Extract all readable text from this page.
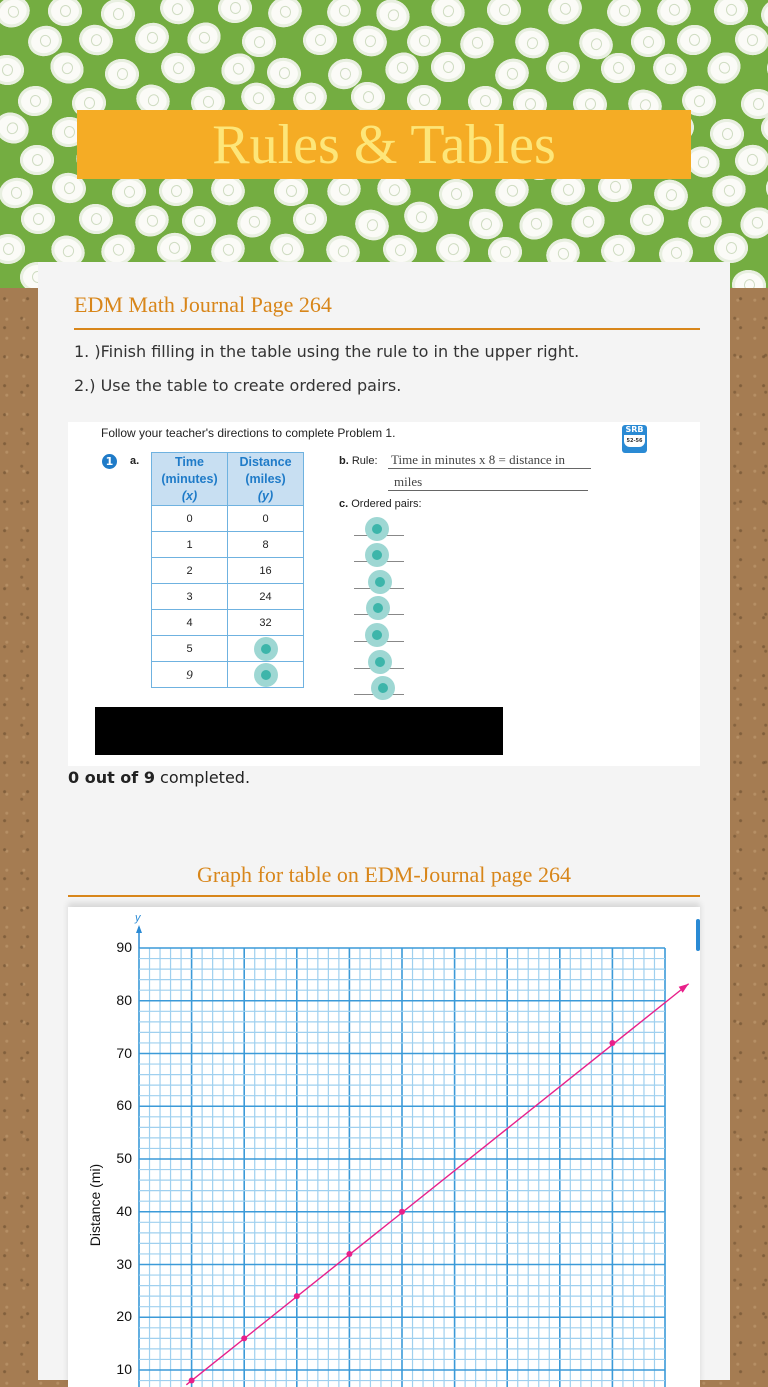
Rules & Tables
EDM Math Journal Page 264
1. )Finish filling in the table using the rule to in the upper right.
2.) Use the table to create ordered pairs.
Follow your teacher's directions to complete Problem 1.	SRB
52-56
1	a.	Time
(minutes)
(x)

Distance
(miles)
(y)

0	0
1	8
2	16
3	24
4	32
5	
9	
b. Rule: Time in minutes x 8 = distance in
miles
c. Ordered pairs:
0 out of 9 completed.
Graph for table on EDM-Journal page 264
y
Distance (mi)
10
20
30
40
50
60
70
80
90
